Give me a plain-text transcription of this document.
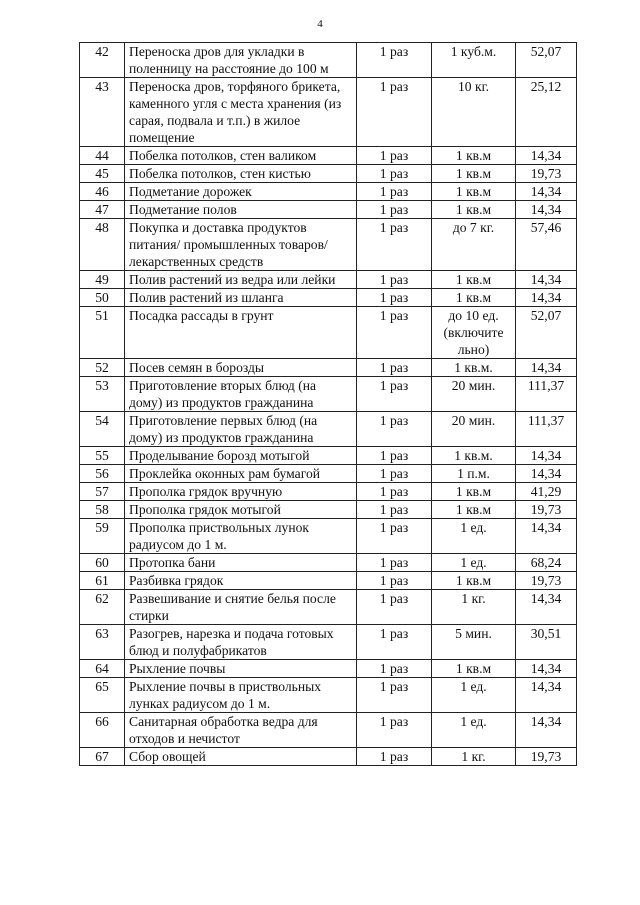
4
42	Переноска дров для укладки в поленницу на расстояние до 100 м	1 раз	1 куб.м.	52,07
43	Переноска дров, торфяного брикета, каменного угля с места хранения (из сарая, подвала и т.п.) в жилое помещение	1 раз	10 кг.	25,12
44	Побелка потолков, стен валиком	1 раз	1 кв.м	14,34
45	Побелка потолков, стен кистью	1 раз	1 кв.м	19,73
46	Подметание дорожек	1 раз	1 кв.м	14,34
47	Подметание полов	1 раз	1 кв.м	14,34
48	Покупка и доставка продуктов питания/ промышленных товаров/ лекарственных средств	1 раз	до 7 кг.	57,46
49	Полив растений из ведра или лейки	1 раз	1 кв.м	14,34
50	Полив растений из шланга	1 раз	1 кв.м	14,34
51	Посадка рассады в грунт	1 раз	до 10 ед. (включите льно)	52,07
52	Посев семян в борозды	1 раз	1 кв.м.	14,34
53	Приготовление вторых блюд (на дому) из продуктов гражданина	1 раз	20 мин.	111,37
54	Приготовление первых блюд (на дому) из продуктов гражданина	1 раз	20 мин.	111,37
55	Проделывание борозд мотыгой	1 раз	1 кв.м.	14,34
56	Проклейка оконных рам бумагой	1 раз	1 п.м.	14,34
57	Прополка грядок вручную	1 раз	1 кв.м	41,29
58	Прополка грядок мотыгой	1 раз	1 кв.м	19,73
59	Прополка приствольных лунок радиусом до 1 м.	1 раз	1 ед.	14,34
60	Протопка бани	1 раз	1 ед.	68,24
61	Разбивка грядок	1 раз	1 кв.м	19,73
62	Развешивание и снятие белья после стирки	1 раз	1 кг.	14,34
63	Разогрев, нарезка и подача готовых блюд и полуфабрикатов	1 раз	5 мин.	30,51
64	Рыхление почвы	1 раз	1 кв.м	14,34
65	Рыхление почвы в приствольных лунках радиусом до 1 м.	1 раз	1 ед.	14,34
66	Санитарная обработка ведра для отходов и нечистот	1 раз	1 ед.	14,34
67	Сбор овощей	1 раз	1 кг.	19,73
